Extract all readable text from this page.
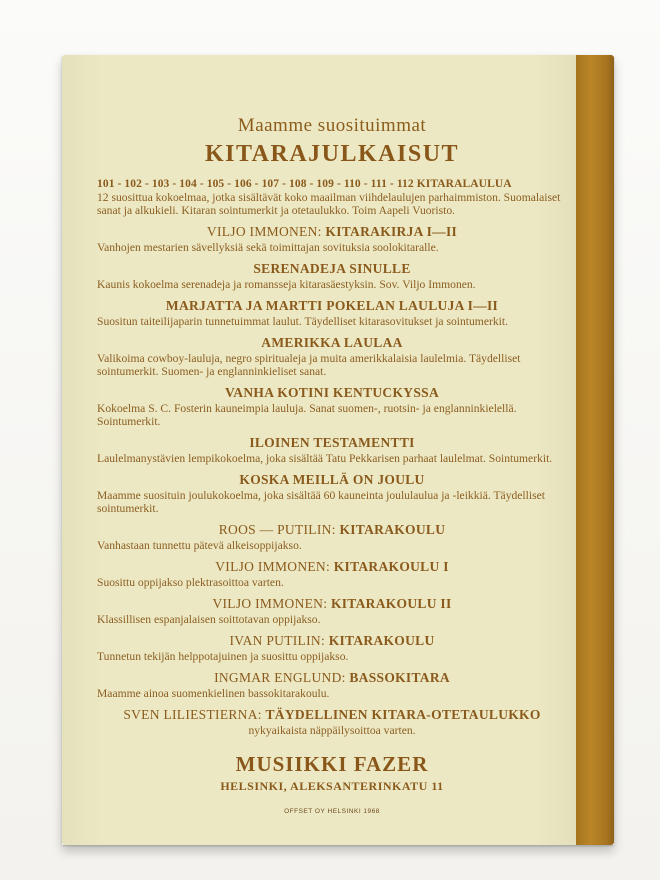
Maamme suosituimmat

KITARAJULKAISUT

101 - 102 - 103 - 104 - 105 - 106 - 107 - 108 - 109 - 110 - 111 - 112 KITARALAULUA

12 suosittua kokoelmaa, jotka sisältävät koko maailman viihdelaulujen parhaimmiston. Suomalaiset sanat ja alkukieli. Kitaran sointumerkit ja otetaulukko. Toim Aapeli Vuoristo.

VILJO IMMONEN: KITARAKIRJA I—II

Vanhojen mestarien sävellyksiä sekä toimittajan sovituksia soolokitaralle.

SERENADEJA SINULLE

Kaunis kokoelma serenadeja ja romansseja kitarasäestyksin. Sov. Viljo Immonen.

MARJATTA JA MARTTI POKELAN LAULUJA I—II

Suositun taiteilijaparin tunnetuimmat laulut. Täydelliset kitarasovitukset ja sointumerkit.

AMERIKKA LAULAA

Valikoima cowboy-lauluja, negro spiritualeja ja muita amerikkalaisia laulelmia. Täydelliset sointumerkit. Suomen- ja englanninkieliset sanat.

VANHA KOTINI KENTUCKYSSA

Kokoelma S. C. Fosterin kauneimpia lauluja. Sanat suomen-, ruotsin- ja englanninkielellä. Sointumerkit.

ILOINEN TESTAMENTTI

Laulelmanystävien lempikokoelma, joka sisältää Tatu Pekkarisen parhaat laulelmat. Sointumerkit.

KOSKA MEILLÄ ON JOULU

Maamme suosituin joulukokoelma, joka sisältää 60 kauneinta joululaulua ja -leikkiä. Täydelliset sointumerkit.

ROOS — PUTILIN: KITARAKOULU

Vanhastaan tunnettu pätevä alkeisoppijakso.

VILJO IMMONEN: KITARAKOULU I

Suosittu oppijakso plektrasoittoa varten.

VILJO IMMONEN: KITARAKOULU II

Klassillisen espanjalaisen soittotavan oppijakso.

IVAN PUTILIN: KITARAKOULU

Tunnetun tekijän helppotajuinen ja suosittu oppijakso.

INGMAR ENGLUND: BASSOKITARA

Maamme ainoa suomenkielinen bassokitarakoulu.

SVEN LILIESTIERNA: TÄYDELLINEN KITARA-OTETAULUKKO

nykyaikaista näppäilysoittoa varten.

MUSIIKKI FAZER

HELSINKI, ALEKSANTERINKATU 11

OFFSET OY HELSINKI 1968
